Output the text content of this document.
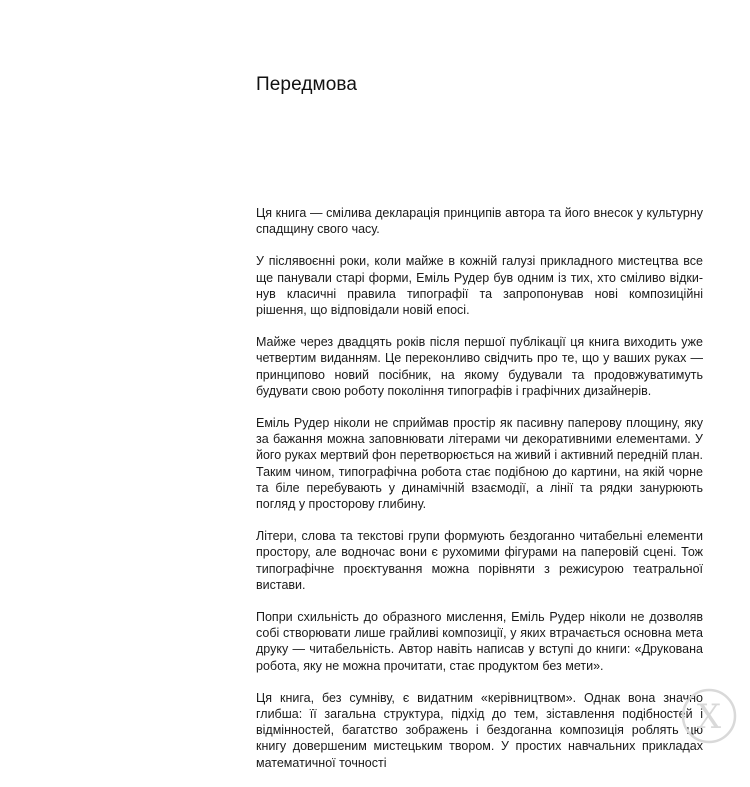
Передмова

Ця книга — смілива декларація принципів автора та його внесок у культурну спадщину свого часу.

У післявоєнні роки, коли майже в кожній галузі прикладного мистецтва все ще панували старі форми, Еміль Рудер був одним із тих, хто сміливо відкинув класичні правила типографії та запропонував нові композиційні рішення, що відповідали новій епосі.

Майже через двадцять років після першої публікації ця книга виходить уже четвертим виданням. Це переконливо свідчить про те, що у ваших руках — принципово новий посібник, на якому будували та продовжуватимуть будувати свою роботу покоління типографів і графічних дизайнерів.

Еміль Рудер ніколи не сприймав простір як пасивну паперову площину, яку за бажання можна заповнювати літерами чи декоративними елементами. У його руках мертвий фон перетворюється на живий і активний передній план. Таким чином, типографічна робота стає подібною до картини, на якій чорне та біле перебувають у динамічній взаємодії, а лінії та рядки занурюють погляд у просторову глибину.

Літери, слова та текстові групи формують бездоганно читабельні елементи простору, але водночас вони є рухомими фігурами на паперовій сцені. Тож типографічне проєктування можна порівняти з режисурою театральної вистави.

Попри схильність до образного мислення, Еміль Рудер ніколи не дозволяв собі створювати лише грайливі композиції, у яких втрачається основна мета друку — читабельність. Автор навіть написав у вступі до книги: «Друкована робота, яку не можна прочитати, стає продуктом без мети».

Ця книга, без сумніву, є видатним «керівництвом». Однак вона значно глибша: її загальна структура, підхід до тем, зіставлення подібностей і відмінностей, багатство зображень і бездоганна композиція роблять цю книгу довершеним мистецьким твором. У простих навчальних прикладах математичної точності

X
